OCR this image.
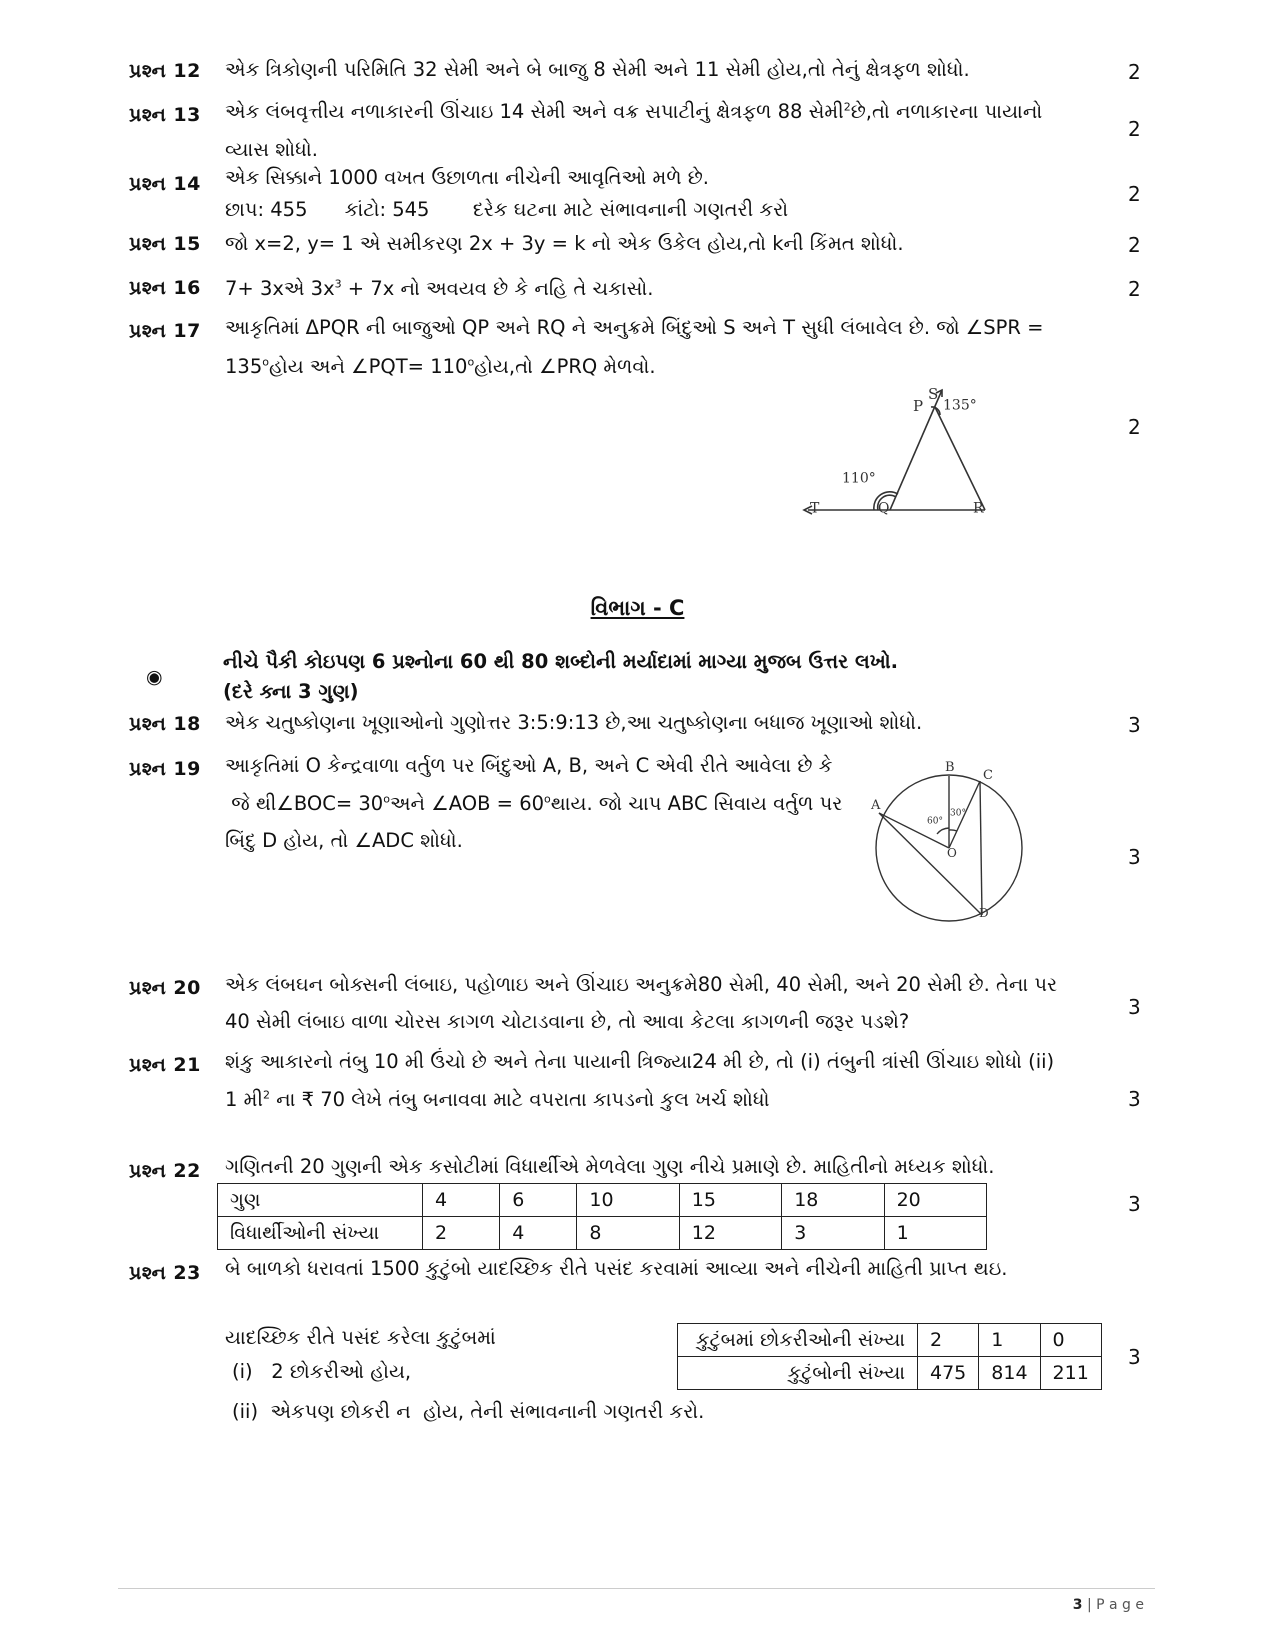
પ્રશ્ન 12 એક ત્રિકોણની પરિમિતિ 32 સેમી અને બે બાજુ 8 સેમી અને 11 સેમી હોય,તો તેનું ક્ષેત્રફળ શોધો.	2
પ્રશ્ન 13 એક લંબવૃત્તીય નળાકારની ઊંચાઇ 14 સેમી અને વક્ર સપાટીનું ક્ષેત્રફળ 88 સેમી$^2$છે,તો નળાકારના પાયાનો
વ્યાસ શોધો.
2
પ્રશ્ન 14 એક સિક્કાને 1000 વખત ઉછાળતા નીચેની આવૃતિઓ મળે છે.
છાપ: 455      કાંટો: 545       દરેક ઘટના માટે સંભાવનાની ગણતરી કરો
2
પ્રશ્ન 15 જો x=2, y= 1 એ સમીકરણ 2x + 3y = k નો એક ઉકેલ હોય,તો kની કિંમત શોધો.	2
પ્રશ્ન 16 7+ 3xએ $3x^3 + 7x$ નો અવયવ છે કે નહિ તે ચકાસો.	2
પ્રશ્ન 17 આકૃતિમાં ΔPQR ની બાજુઓ QP અને RQ ને અનુક્રમે બિંદુઓ S અને T સુધી લંબાવેલ છે. જો ∠SPR =
$135^oહોય$ અને ∠PQT= $110^oહોય,તો$ ∠PRQ મેળવો.
2
S
P 135°
110°
T	Q	R
વિભાગ - C
નીચે પૈકી કોઇપણ 6 પ્રશ્નોના 60 થી 80 શબ્દોની મર્યાદામાં માગ્યા મુજબ ઉત્તર લખો.
(દરે ક્ના 3 ગુણ)
◉
પ્રશ્ન 18 એક ચતુષ્કોણના ખૂણાઓનો ગુણોત્તર 3:5:9:13 છે,આ ચતુષ્કોણના બધાજ ખૂણાઓ શોધો.	3
પ્રશ્ન 19 આકૃતિમાં O કેન્દ્રવાળા વર્તુળ પર બિંદુઓ A, B, અને C એવી રીતે આવેલા છે કે
જે થી∠BOC= $30^oઅને$ ∠AOB = $60^oથાય$. જો ચાપ ABC સિવાય વર્તુળ પર
બિંદુ D હોય, તો ∠ADC શોધો.
3
B
C
A
O
D
60°
30°
પ્રશ્ન 20 એક લંબઘન બોક્સની લંબાઇ, પહોળાઇ અને ઊંચાઇ અનુક્રમે80 સેમી, 40 સેમી, અને 20 સેમી છે. તેના પર
40 સેમી લંબાઇ વાળા ચોરસ કાગળ ચોટાડવાના છે, તો આવા કેટલા કાગળની જરૂર પડશે?
3
પ્રશ્ન 21 શંકુ આકારનો તંબુ 10 મી ઉંચો છે અને તેના પાયાની ત્રિજ્યા24 મી છે, તો (i) તંબુની ત્રાંસી ઊંચાઇ શોધો (ii)
1 મી$^2$ ના ₹ 70 લેખે તંબુ બનાવવા માટે વપરાતા કાપડનો કુલ ખર્ચ શોધો	3
પ્રશ્ન 22 ગણિતની 20 ગુણની એક કસોટીમાં વિધાર્થીએ મેળવેલા ગુણ નીચે પ્રમાણે છે. માહિતીનો મધ્યક શોધો.
3
ગુણ	4	6	10	15	18	20
વિધાર્થીઓની સંખ્યા	2	4	8	12	3	1
પ્રશ્ન 23 બે બાળકો ધરાવતાં 1500 કુટુંબો યાદચ્છિક રીતે પસંદ કરવામાં આવ્યા અને નીચેની માહિતી પ્રાપ્ત થઇ.
યાદચ્છિક રીતે પસંદ કરેલા કુટુંબમાં
(i)   2 છોકરીઓ હોય,
(ii)  એકપણ છોકરી ન  હોય, તેની સંભાવનાની ગણતરી કરો.
3
કુટુંબમાં છોકરીઓની સંખ્યા	2	1	0
કુટુંબોની સંખ્યા	475	814	211
3 | P a g e
